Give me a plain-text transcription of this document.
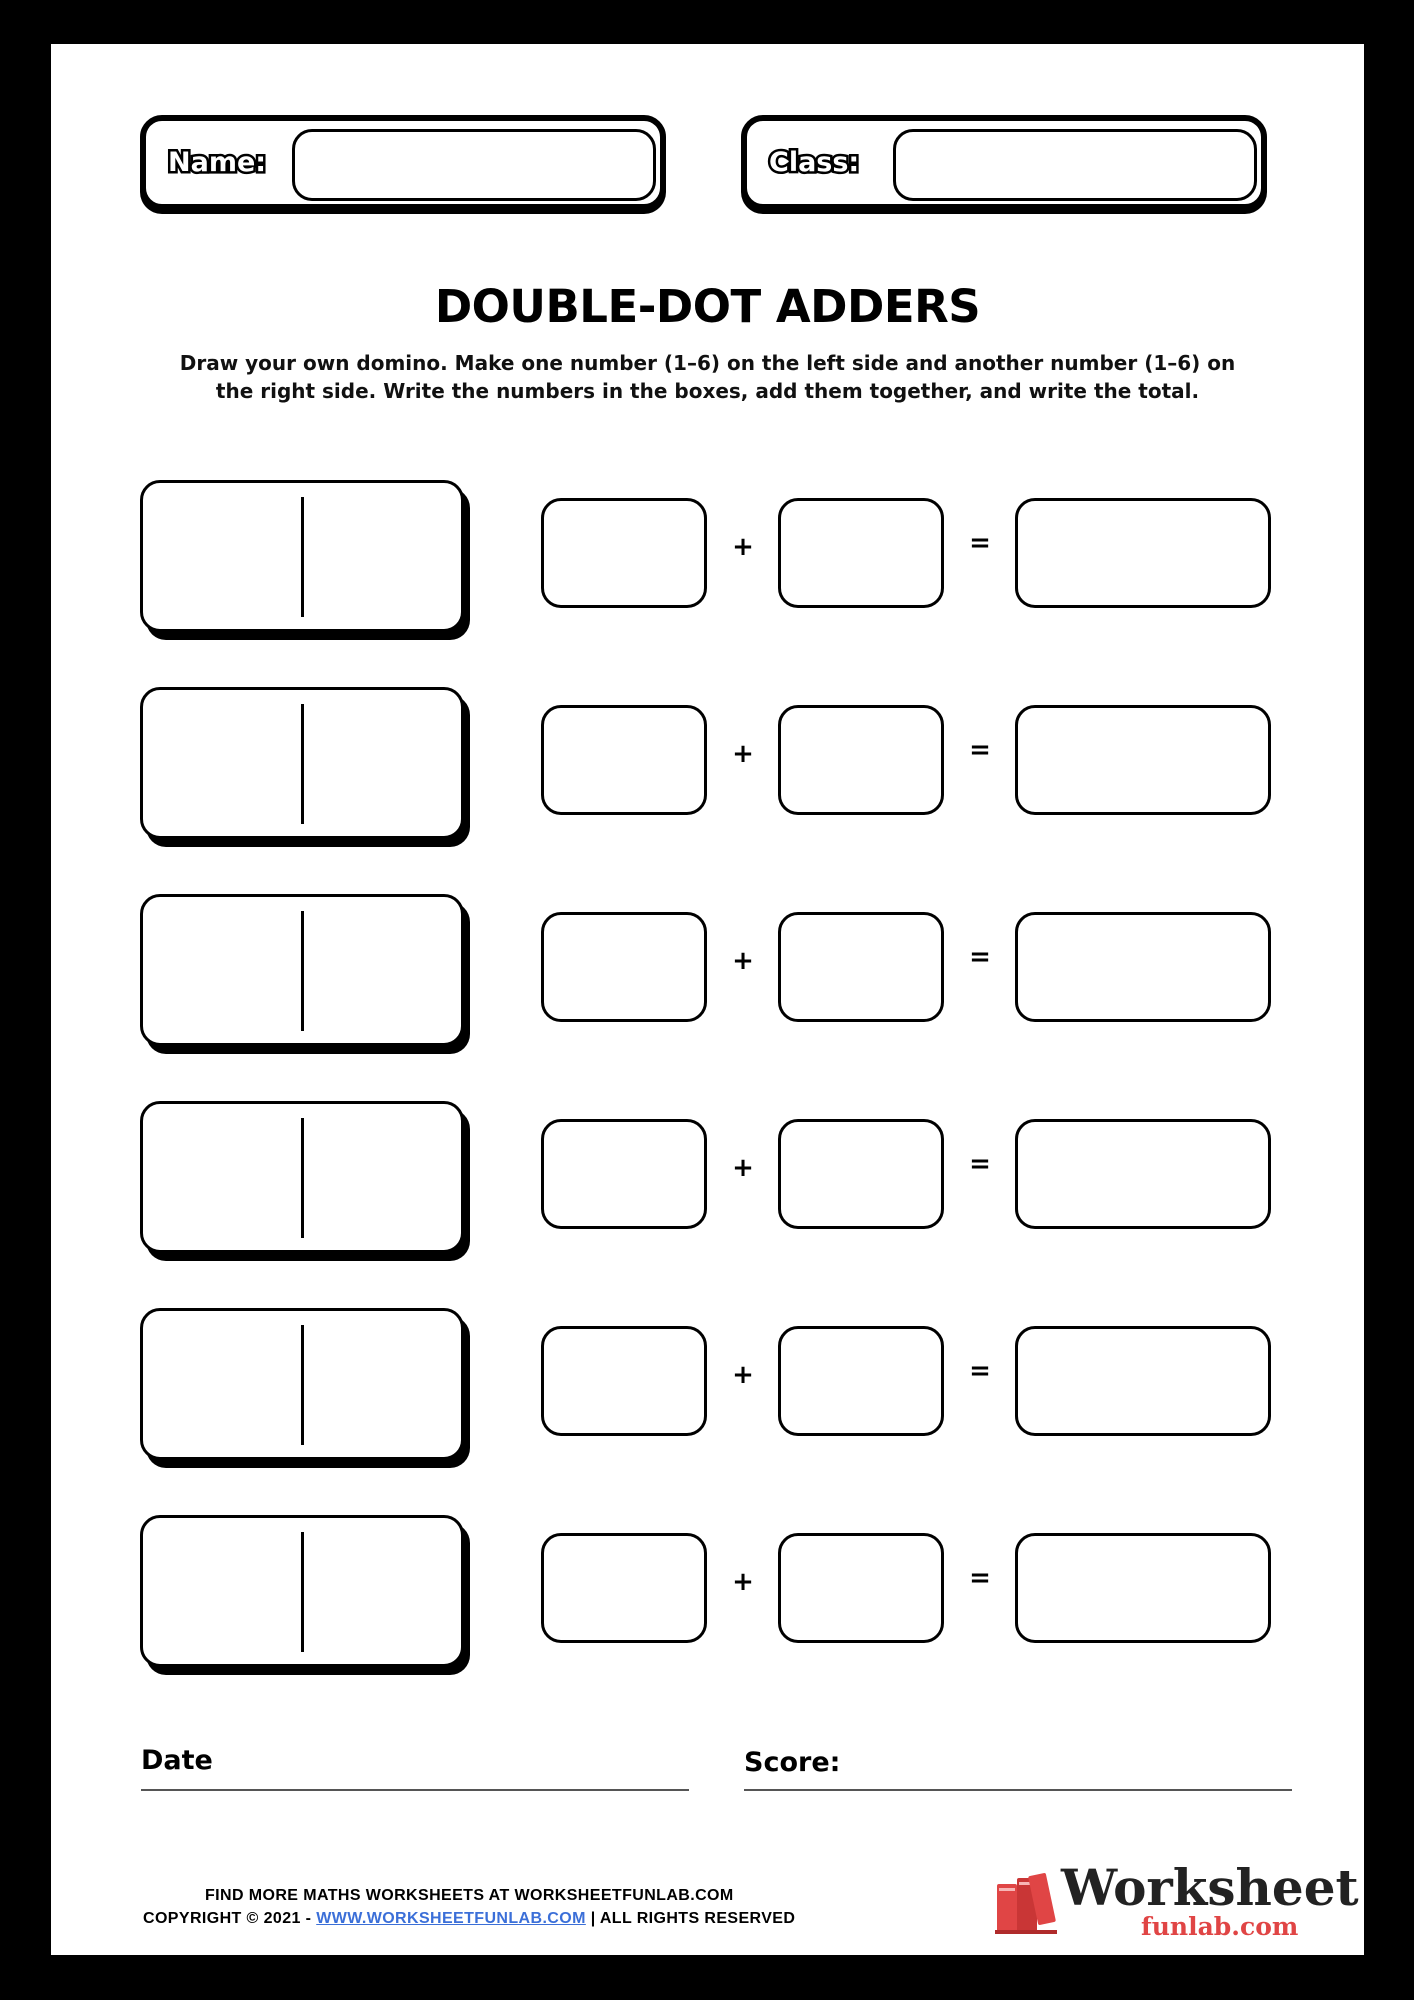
Name:	Class:
DOUBLE-DOT ADDERS
Draw your own domino. Make one number (1–6) on the left side and another number (1–6) on the right side. Write the numbers in the boxes, add them together, and write the total.
+	=
+	=
+	=
+	=
+	=
+	=
Date	Score:
FIND MORE MATHS WORKSHEETS AT WORKSHEETFUNLAB.COM
COPYRIGHT © 2021 - WWW.WORKSHEETFUNLAB.COM | ALL RIGHTS RESERVED
Worksheet
funlab.com
